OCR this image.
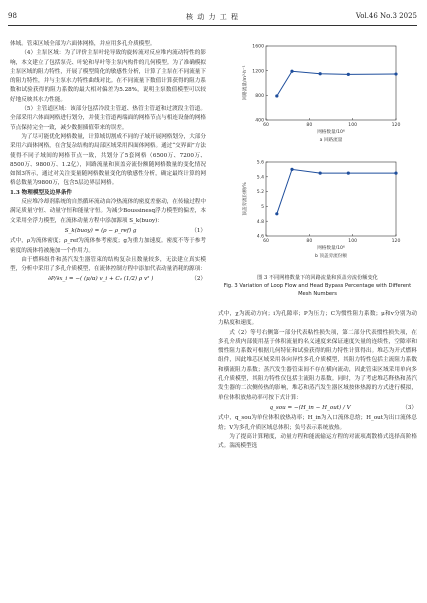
98	核 动 力 工 程	Vol.46 No.3 2025

体域。管束区域全部为六面体网格，并应用多孔介质模型。

（4）主泵区域：为了评价主泵叶轮导致的旋转流对反应堆内流动特性的影响，本文建立了包括泵壳、叶轮和导叶等主泵内构件的几何模型。为了准确模拟主泵区域的阻力特性，开展了模型简化的敏感性分析，计算了主泵在不同流量下的阻力特性，并与主泵水力特性曲线对比。在不同流量下数值计算获得的阻力系数和试验获得的阻力系数的最大相对偏差为5.28%，说明主泵数值模型可以较好地反映其水力性能。

（5）主管道区域：该部分包括冷段主管道、热管主管道和过渡段主管道。全部采用六体面网格进行划分，并使主管道两端面的网格节点与相连设备的网格节点保持完全一致，减少数据插值带来的误差。

为了尽可能优化网格数量，计算域切割成不同的子域开展网格划分，大部分采用六面体网格，在含复杂结构的局部区域采用四面体网格。通过“交界面”方法使得不同子域间的网格节点一致，共划分了5套网格（6500万、7200万、8500万、9800万、1.2亿），回路流量和顶盖旁流份额随网格数量的变化情况如图3所示，通过对关注变量随网格数量变化的敏感性分析，确定最终计算的网格总数量为9800万，包含5层边界层网格。

1.3 物理模型及边界条件

反应堆冷却剂系统的自然循环流动由冷热流体的密度差驱动，在传输过程中满足质量守恒、动量守恒和能量守恒。为减少Boussinesq浮力模型的偏差，本文采用全浮力模型，在流体动量方程中添加源项 S_k(buoy)：

S_k(buoy) = (ρ − ρ_ref) g	（1）

式中，ρ为流体密度；ρ_ref为流体参考密度；g为重力加速度。密度不等于参考密度的流体将被施加一个作用力。

由于燃料组件和蒸汽发生器管束的结构复杂且数量较多，无法建立真实模型，分析中采用了多孔介质模型，在流体控制方程中添加代表动量消耗的源项：

∂P/∂x_i = −( (μ/α) v_i + C₂ (1/2) ρ v² )	（2）
60	80	100	120
400
800
1200
1600
网格数量/10⁶
回路流量/m³·h⁻¹
a 回路流量
60	80	100	120
4.6
4.8
5
5.2
5.4
5.6
网格数量/10⁶
顶盖旁流份额/%
b 顶盖旁流份额
图 3 不同网格数量下的回路流量和顶盖旁流份额变化
Fig. 3 Variation of Loop Flow and Head Bypass Percentage with Different Mesh Numbers

式中，χ为流动方向；i为孔隙率；P为压力；C为惯性阻力系数；μ和v分别为动力粘度和速度。

式（2）等号右侧第一部分代表粘性损失项，第二部分代表惯性损失项，在多孔介质内部使用基于体积流量的名义速度来保证速度矢量的连续性，空隙率和惯性阻力系数可根据几何特征和试验获得的阻力特性计算得出。堆芯为开式燃料组件，因此堆芯区域采用各向异性多孔介质模型，其阻力特性包括主流阻力系数和横流阻力系数；蒸汽发生器管束间不存在横向流动，因此管束区域采用单向多孔介质模型，其阻力特性仅包括主流阻力系数。同时，为了考虑堆芯释热和蒸汽发生器的二次侧传热的影响，堆芯和蒸汽发生器区域按体热源的方式进行模拟，单位体积放热功率可按下式计算：

q_sou = −(H_in − H_out) / V	（3）

式中，q_sou为单位体积放热功率；H_in为入口流体总焓；H_out为出口流体总焓；V为多孔介质区域总体积；负号表示系统放热。

为了提高计算精度，动量方程和能流输运方程的对流项离散格式选择高阶格式。湍流模型选
